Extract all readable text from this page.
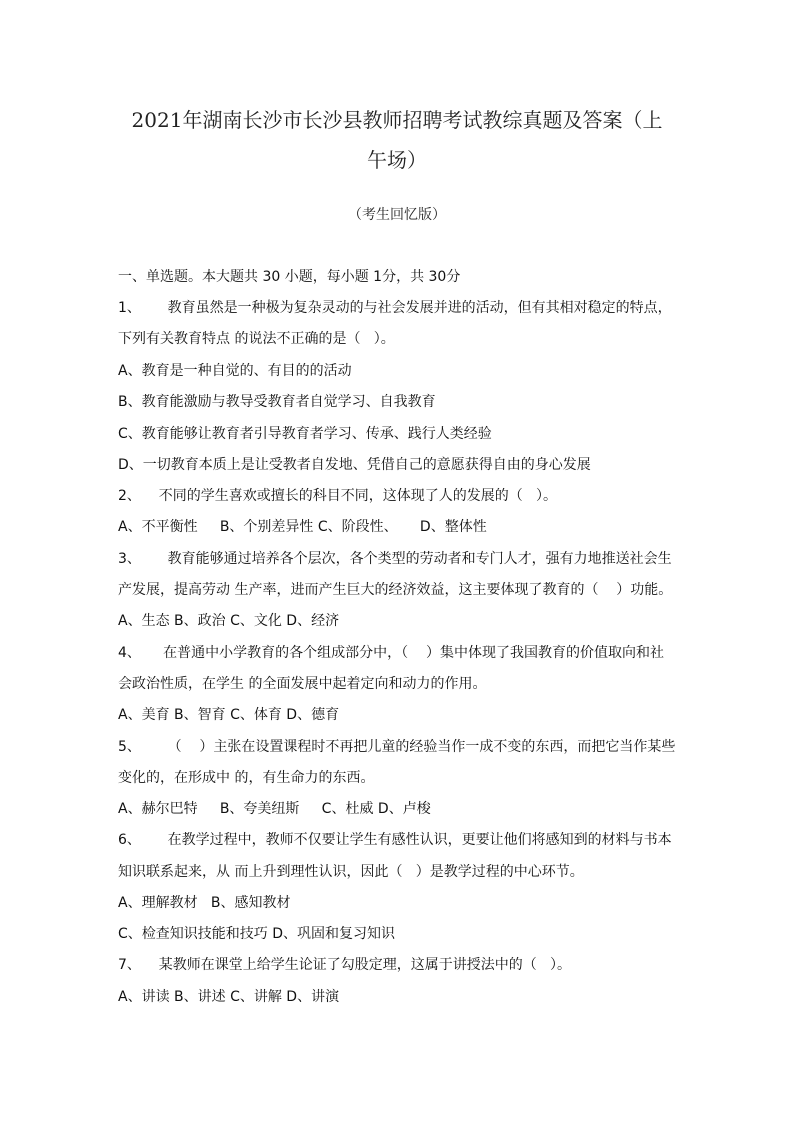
2021年湖南长沙市长沙县教师招聘考试教综真题及答案（上
午场）
（考生回忆版）
一、单选题。本大题共 30 小题，每小题 1分，共 30分
1、      教育虽然是一种极为复杂灵动的与社会发展并进的活动，但有其相对稳定的特点，
下列有关教育特点 的说法不正确的是（   ）。
A、教育是一种自觉的、有目的的活动
B、教育能激励与教导受教育者自觉学习、自我教育
C、教育能够让教育者引导教育者学习、传承、践行人类经验
D、一切教育本质上是让受教者自发地、凭借自己的意愿获得自由的身心发展
2、    不同的学生喜欢或擅长的科目不同，这体现了人的发展的（   ）。
A、不平衡性     B、个别差异性 C、阶段性、     D、整体性
3、      教育能够通过培养各个层次，各个类型的劳动者和专门人才，强有力地推送社会生
产发展，提高劳动 生产率，进而产生巨大的经济效益，这主要体现了教育的（    ）功能。
A、生态 B、政治 C、文化 D、经济
4、     在普通中小学教育的各个组成部分中，（    ）集中体现了我国教育的价值取向和社
会政治性质，在学生 的全面发展中起着定向和动力的作用。
A、美育 B、智育 C、体育 D、德育
5、      （    ）主张在设置课程时不再把儿童的经验当作一成不变的东西，而把它当作某些
变化的，在形成中 的，有生命力的东西。
A、赫尔巴特     B、夸美纽斯     C、杜威 D、卢梭
6、      在教学过程中，教师不仅要让学生有感性认识，更要让他们将感知到的材料与书本
知识联系起来，从 而上升到理性认识，因此（   ）是教学过程的中心环节。
A、理解教材   B、感知教材
C、检查知识技能和技巧 D、巩固和复习知识
7、    某教师在课堂上给学生论证了勾股定理，这属于讲授法中的（   ）。
A、讲读 B、讲述 C、讲解 D、讲演
